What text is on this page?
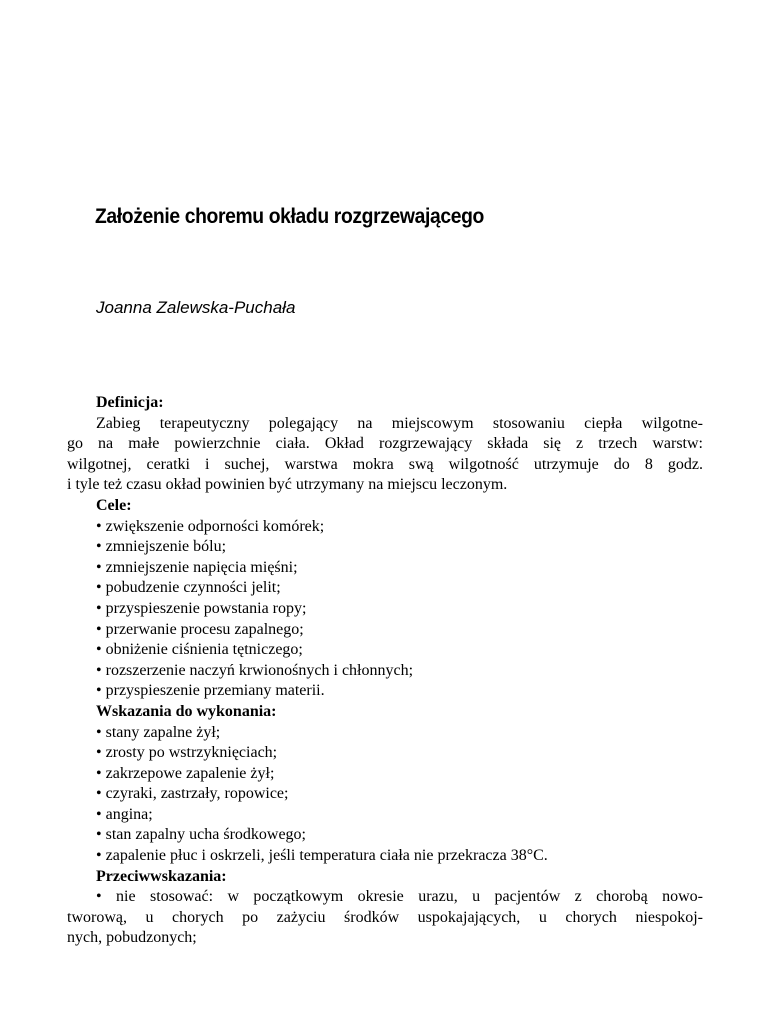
Założenie choremu okładu rozgrzewającego

Joanna Zalewska-Puchała

Definicja:
Zabieg terapeutyczny polegający na miejscowym stosowaniu ciepła wilgotne-
go na małe powierzchnie ciała. Okład rozgrzewający składa się z trzech warstw:
wilgotnej, ceratki i suchej, warstwa mokra swą wilgotność utrzymuje do 8 godz.
i tyle też czasu okład powinien być utrzymany na miejscu leczonym.
Cele:
• zwiększenie odporności komórek;
• zmniejszenie bólu;
• zmniejszenie napięcia mięśni;
• pobudzenie czynności jelit;
• przyspieszenie powstania ropy;
• przerwanie procesu zapalnego;
• obniżenie ciśnienia tętniczego;
• rozszerzenie naczyń krwionośnych i chłonnych;
• przyspieszenie przemiany materii.
Wskazania do wykonania:
• stany zapalne żył;
• zrosty po wstrzyknięciach;
• zakrzepowe zapalenie żył;
• czyraki, zastrzały, ropowice;
• angina;
• stan zapalny ucha środkowego;
• zapalenie płuc i oskrzeli, jeśli temperatura ciała nie przekracza 38°C.
Przeciwwskazania:
• nie stosować: w początkowym okresie urazu, u pacjentów z chorobą nowo-
tworową, u chorych po zażyciu środków uspokajających, u chorych niespokoj-
nych, pobudzonych;
